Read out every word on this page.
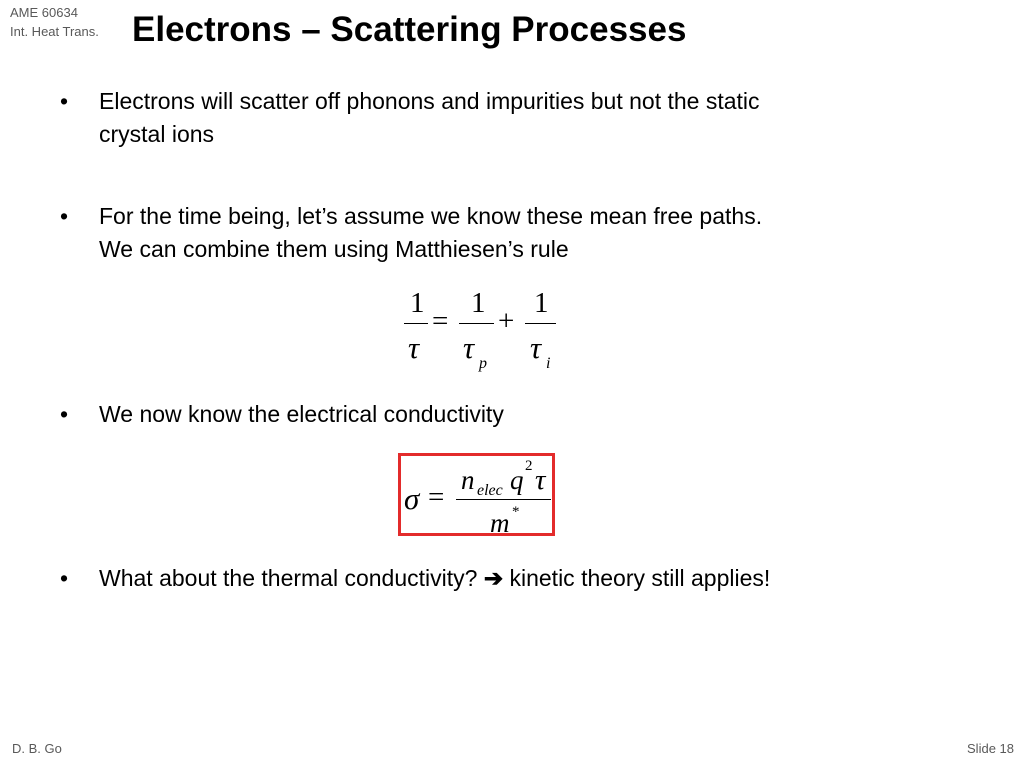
AME 60634
Int. Heat Trans. Electrons – Scattering Processes
• Electrons will scatter off phonons and impurities but not the static
crystal ions
• For the time being, let’s assume we know these mean free paths.
We can combine them using Matthiesen’s rule
1
τ
=
1
τ p
+
1
τ i
• We now know the electrical conductivity
σ =
n elec q 2 τ
m *
• What about the thermal conductivity? ➔ kinetic theory still applies!
D. B. Go	Slide 18
